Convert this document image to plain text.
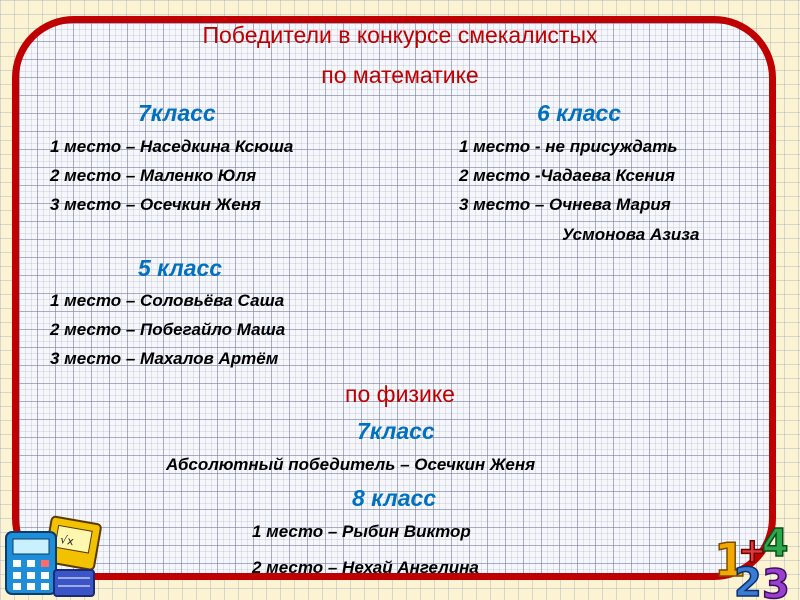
Победители в конкурсе смекалистых

по математике

7класс

1 место – Наседкина Ксюша

2 место – Маленко Юля

3 место – Осечкин Женя

6 класс

1 место - не присуждать

2 место -Чадаева Ксения

3 место – Очнева Мария

Усмонова Азиза

5 класс

1 место – Соловьёва Саша

2 место – Побегайло Маша

3 место – Махалов Артём

по физике

7класс

Абсолютный победитель – Осечкин Женя

8 класс

1 место – Рыбин Виктор

2 место – Нехай Ангелина

√x	1
+
4
2 3
